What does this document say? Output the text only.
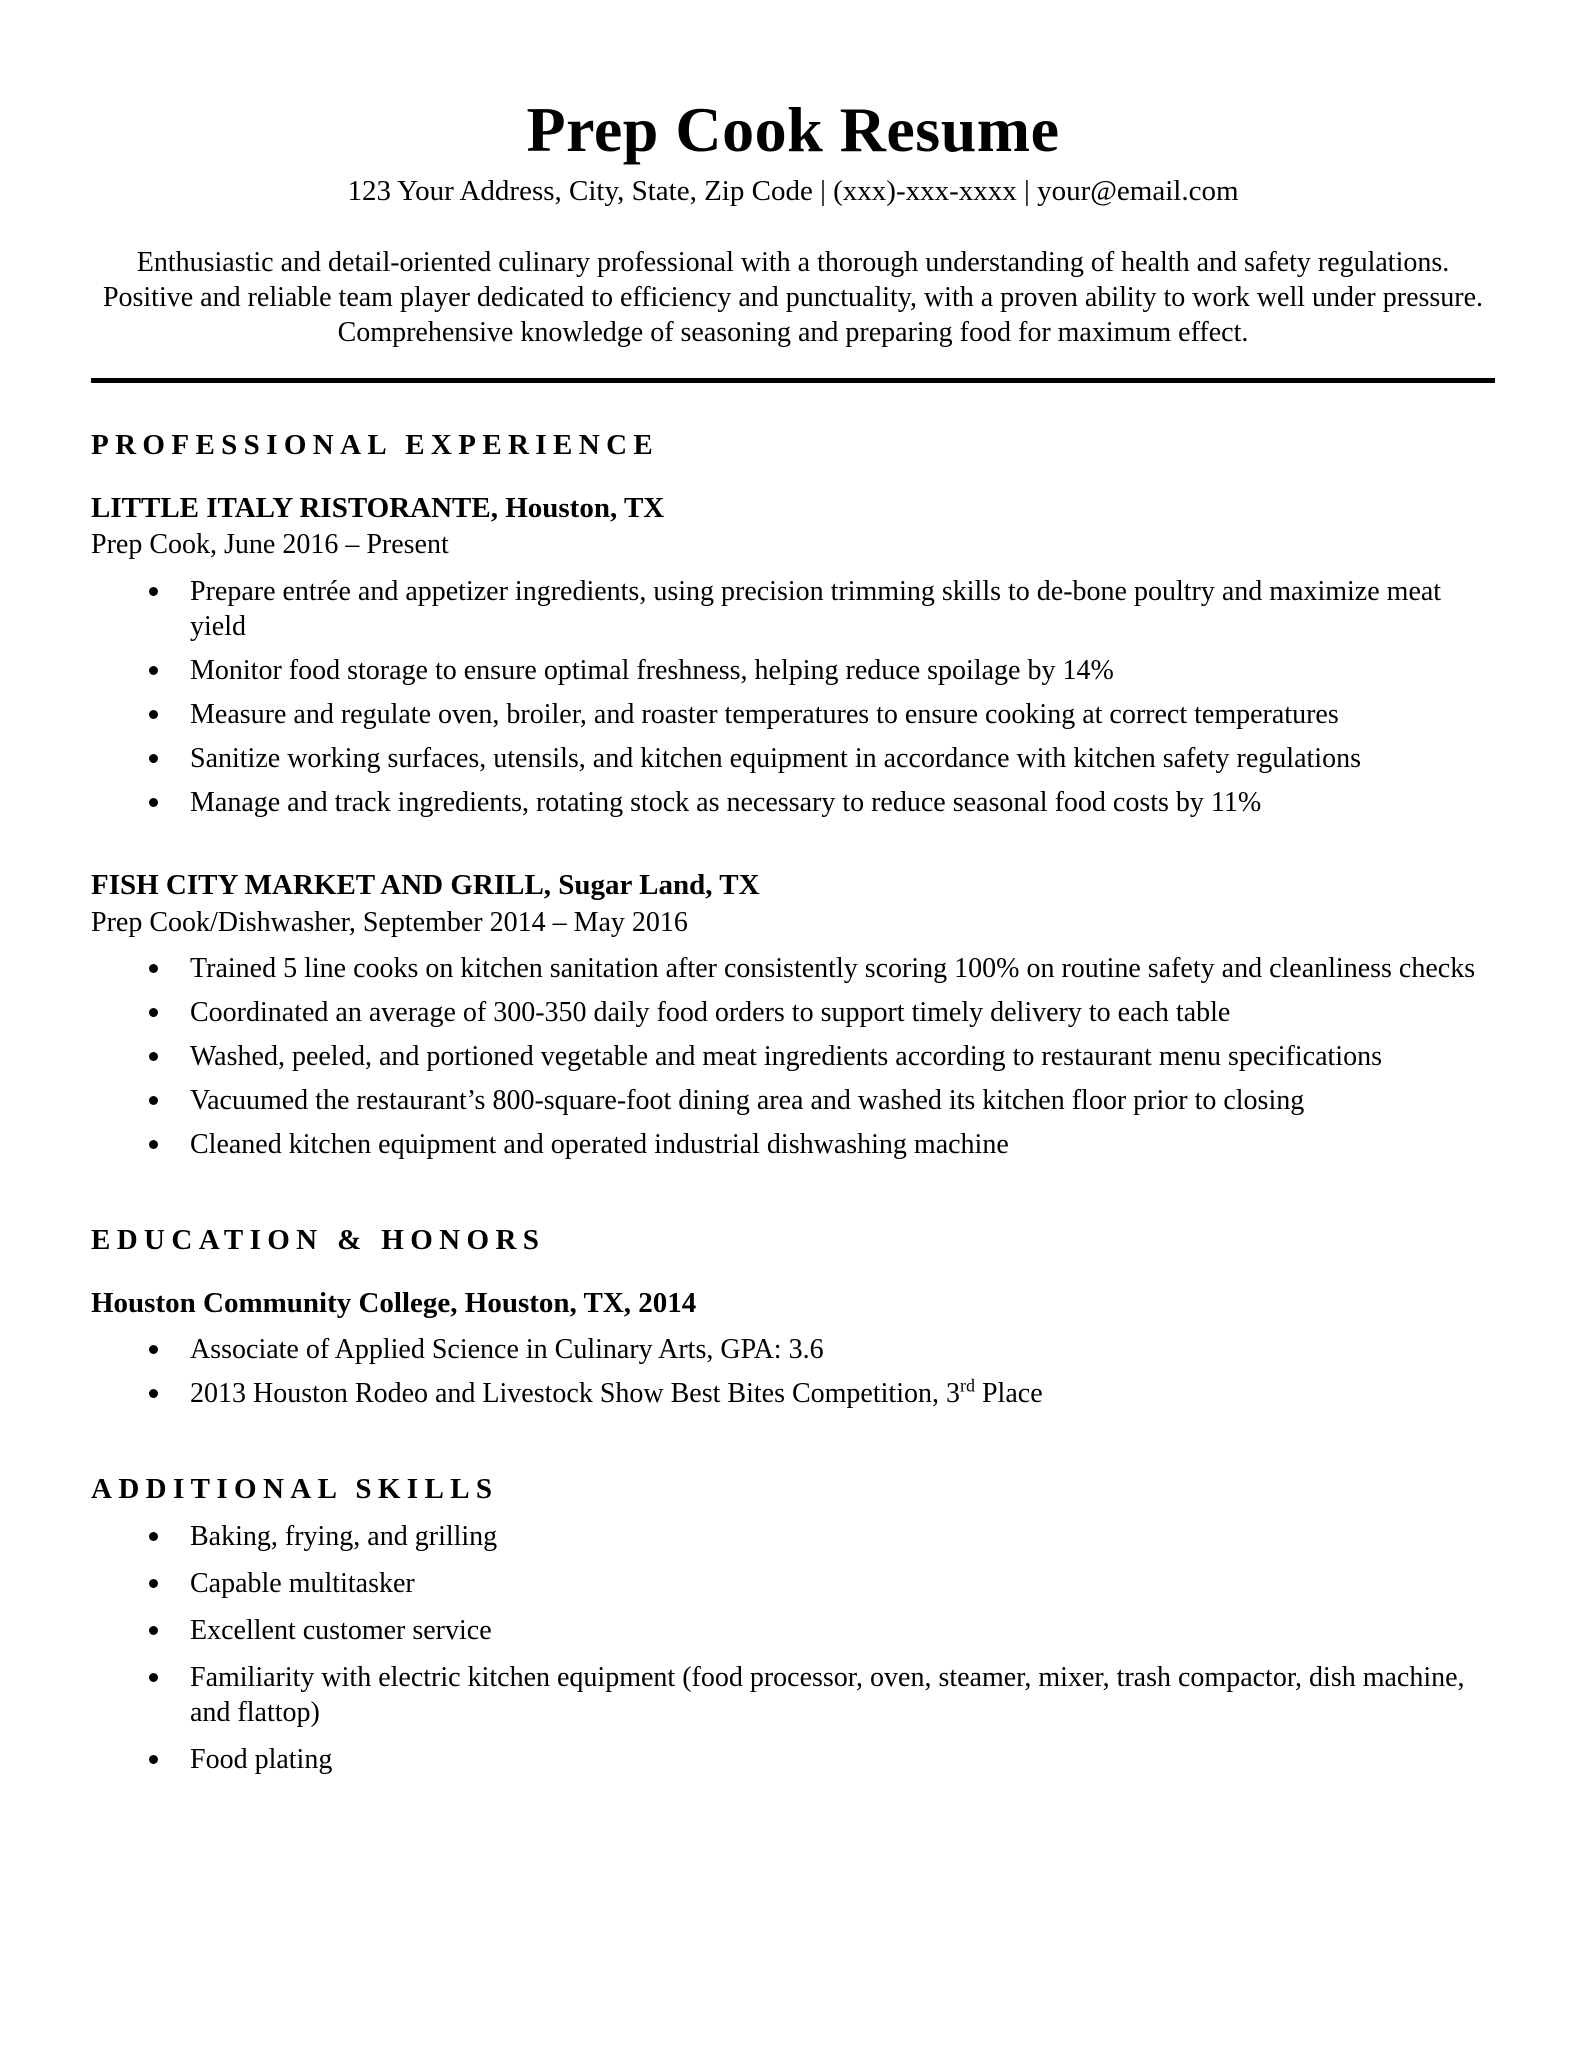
Prep Cook Resume
123 Your Address, City, State, Zip Code | (xxx)-xxx-xxxx | your@email.com

Enthusiastic and detail-oriented culinary professional with a thorough understanding of health and safety regulations. Positive and reliable team player dedicated to efficiency and punctuality, with a proven ability to work well under pressure. Comprehensive knowledge of seasoning and preparing food for maximum effect.

PROFESSIONAL EXPERIENCE
LITTLE ITALY RISTORANTE, Houston, TX
Prep Cook, June 2016 – Present
Prepare entrée and appetizer ingredients, using precision trimming skills to de-bone poultry and maximize meat yield
Monitor food storage to ensure optimal freshness, helping reduce spoilage by 14%
Measure and regulate oven, broiler, and roaster temperatures to ensure cooking at correct temperatures
Sanitize working surfaces, utensils, and kitchen equipment in accordance with kitchen safety regulations
Manage and track ingredients, rotating stock as necessary to reduce seasonal food costs by 11%
FISH CITY MARKET AND GRILL, Sugar Land, TX
Prep Cook/Dishwasher, September 2014 – May 2016
Trained 5 line cooks on kitchen sanitation after consistently scoring 100% on routine safety and cleanliness checks
Coordinated an average of 300-350 daily food orders to support timely delivery to each table
Washed, peeled, and portioned vegetable and meat ingredients according to restaurant menu specifications
Vacuumed the restaurant’s 800-square-foot dining area and washed its kitchen floor prior to closing
Cleaned kitchen equipment and operated industrial dishwashing machine
EDUCATION & HONORS
Houston Community College, Houston, TX, 2014
Associate of Applied Science in Culinary Arts, GPA: 3.6
2013 Houston Rodeo and Livestock Show Best Bites Competition, 3rd Place
ADDITIONAL SKILLS
Baking, frying, and grilling
Capable multitasker
Excellent customer service
Familiarity with electric kitchen equipment (food processor, oven, steamer, mixer, trash compactor, dish machine, and flattop)
Food plating
